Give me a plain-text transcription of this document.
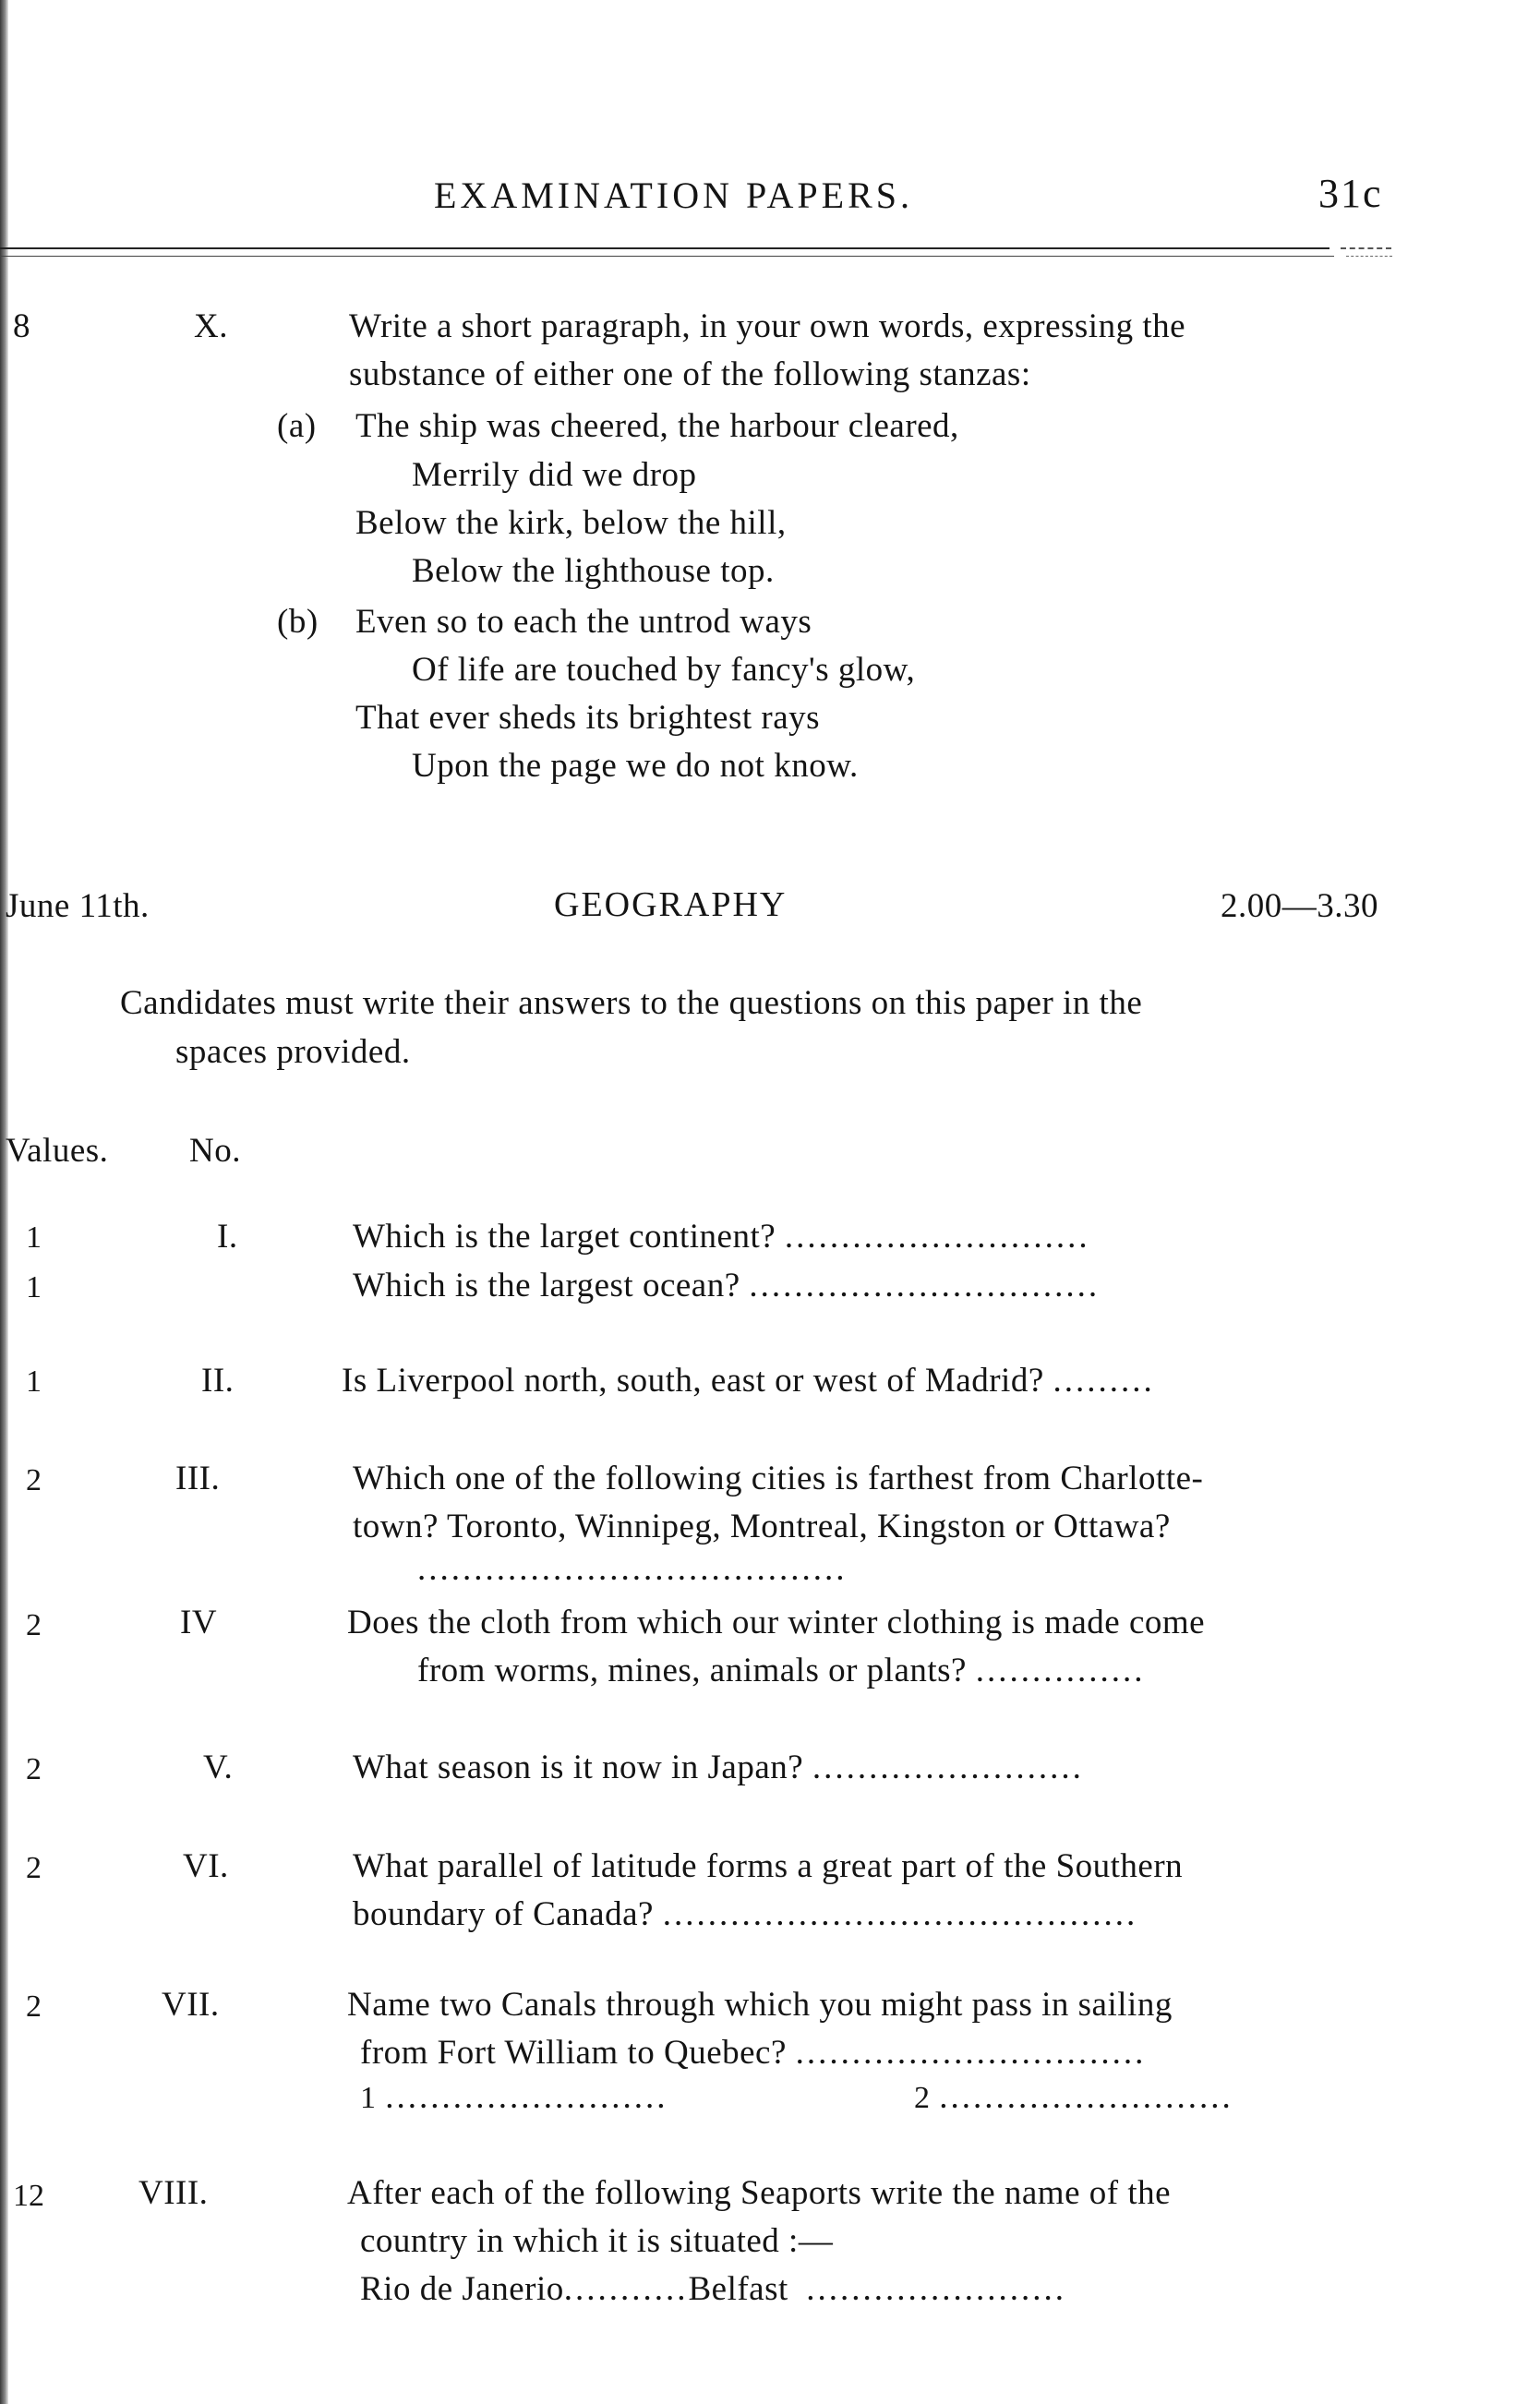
EXAMINATION PAPERS.	31c
8	X.	Write a short paragraph, in your own words, expressing the
substance of either one of the following stanzas:
(a) The ship was cheered, the harbour cleared,
Merrily did we drop
Below the kirk, below the hill,
Below the lighthouse top.
(b) Even so to each the untrod ways
Of life are touched by fancy's glow,
That ever sheds its brightest rays
Upon the page we do not know.
June 11th.	GEOGRAPHY	2.00—3.30
Candidates must write their answers to the questions on this paper in the
spaces provided.
Values. No.
1	I.	Which is the larget continent? ...........................
1	Which is the largest ocean? ...............................
1	II.	Is Liverpool north, south, east or west of Madrid? .........
2	III.	Which one of the following cities is farthest from Charlotte-
town? Toronto, Winnipeg, Montreal, Kingston or Ottawa?
......................................
2	IV	Does the cloth from which our winter clothing is made come
from worms, mines, animals or plants? ...............
2	V.	What season is it now in Japan? ........................
2	VI.	What parallel of latitude forms a great part of the Southern
boundary of Canada? ..........................................
2	VII.	Name two Canals through which you might pass in sailing
from Fort William to Quebec? ...............................
1 .........................	2 ..........................
12	VIII.	After each of the following Seaports write the name of the
country in which it is situated :—
Rio de Janerio...........Belfast .......................
